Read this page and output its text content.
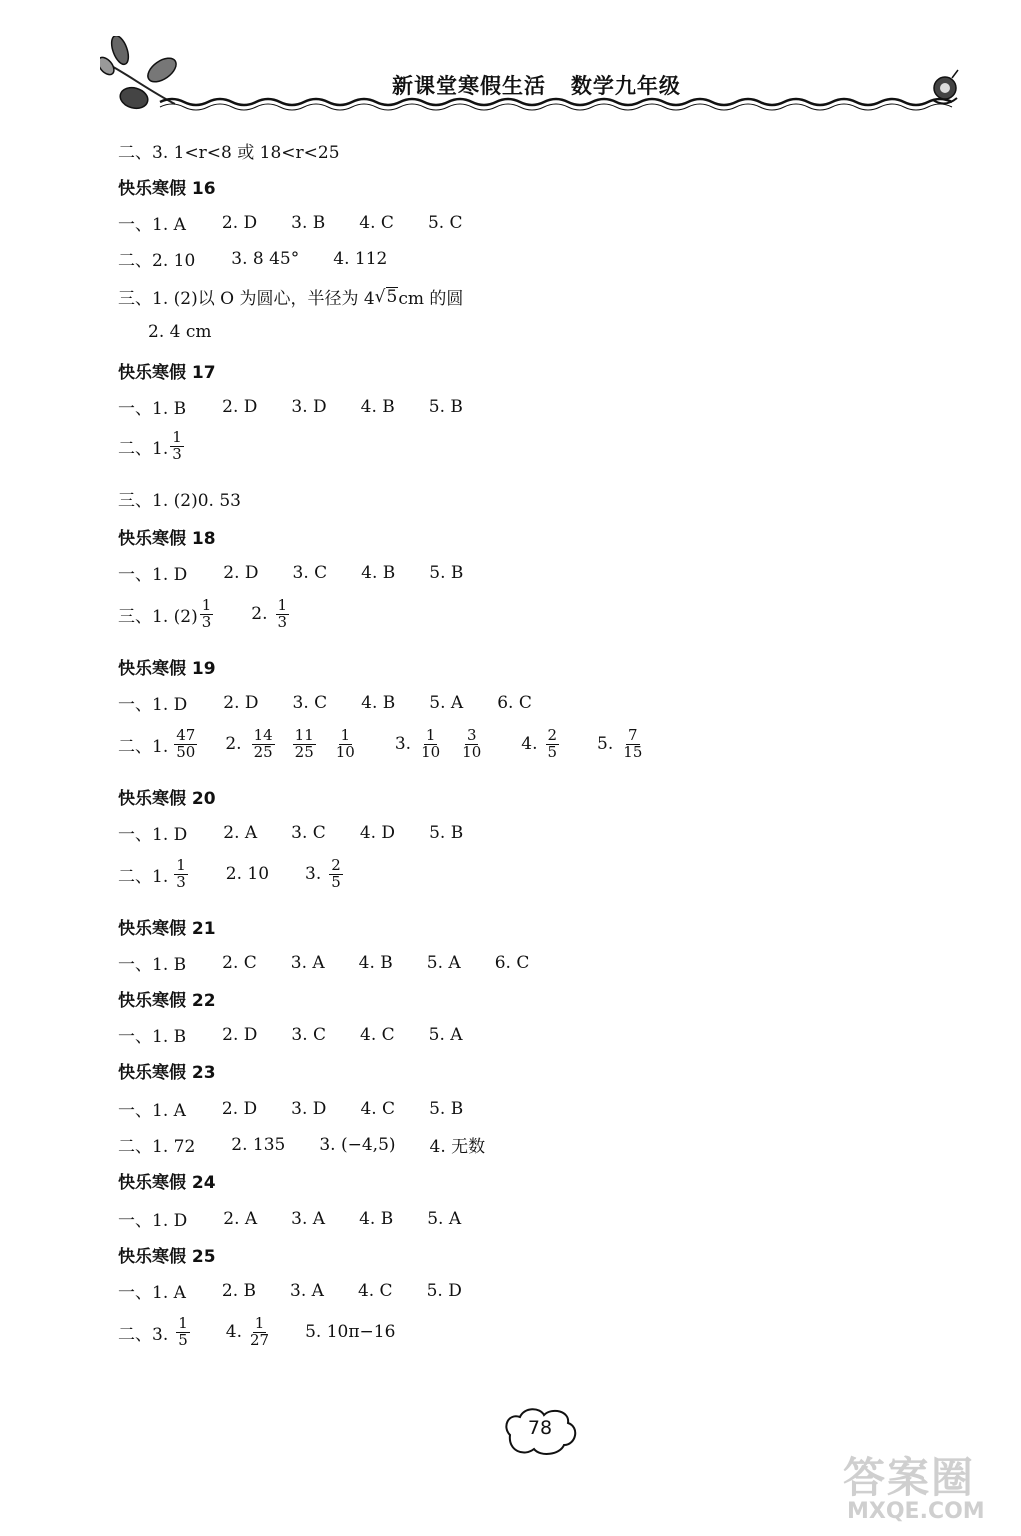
新课堂寒假生活   数学九年级
二、3. 1<r<8 或 18<r<25
快乐寒假 16
一、1. A 2. D 3. B 4. C 5. C
二、2. 10 3. 8 45° 4. 112
三、1. (2)以 O 为圆心，半径为 4 √ 5 cm 的圆
2. 4 cm
快乐寒假 17
一、1. B 2. D 3. D 4. B 5. B
二、1. $\frac{1}{3}$
三、1. (2)0. 53
快乐寒假 18
一、1. D 2. D 3. C 4. B 5. B
三、1. $(2) \frac{1}{3} 2$. $\frac{1}{3}$
快乐寒假 19
一、1. D 2. D 3. C 4. B 5. A 6. C
二、1. $\frac{47}{50} 2$. $\frac{14}{25} \frac{11}{25} \frac{1}{10} 3$. $\frac{1}{10} \frac{3}{10} 4$. $\frac{2}{5} 5$. $\frac{7}{15}$
快乐寒假 20
一、1. D 2. A 3. C 4. D 5. B
二、1. $\frac{1}{3} 2$. 10 3. $\frac{2}{5}$
快乐寒假 21
一、1. B 2. C 3. A 4. B 5. A 6. C
快乐寒假 22
一、1. B 2. D 3. C 4. C 5. A
快乐寒假 23
一、1. A 2. D 3. D 4. C 5. B
二、1. 72 2. 135 3. (−4,5) 4. 无数
快乐寒假 24
一、1. D 2. A 3. A 4. B 5. A
快乐寒假 25
一、1. A 2. B 3. A 4. C 5. D
二、3. $\frac{1}{5} 4$. $\frac{1}{27} 5$. 10π−16
78
答案圈
MXQE.COM
